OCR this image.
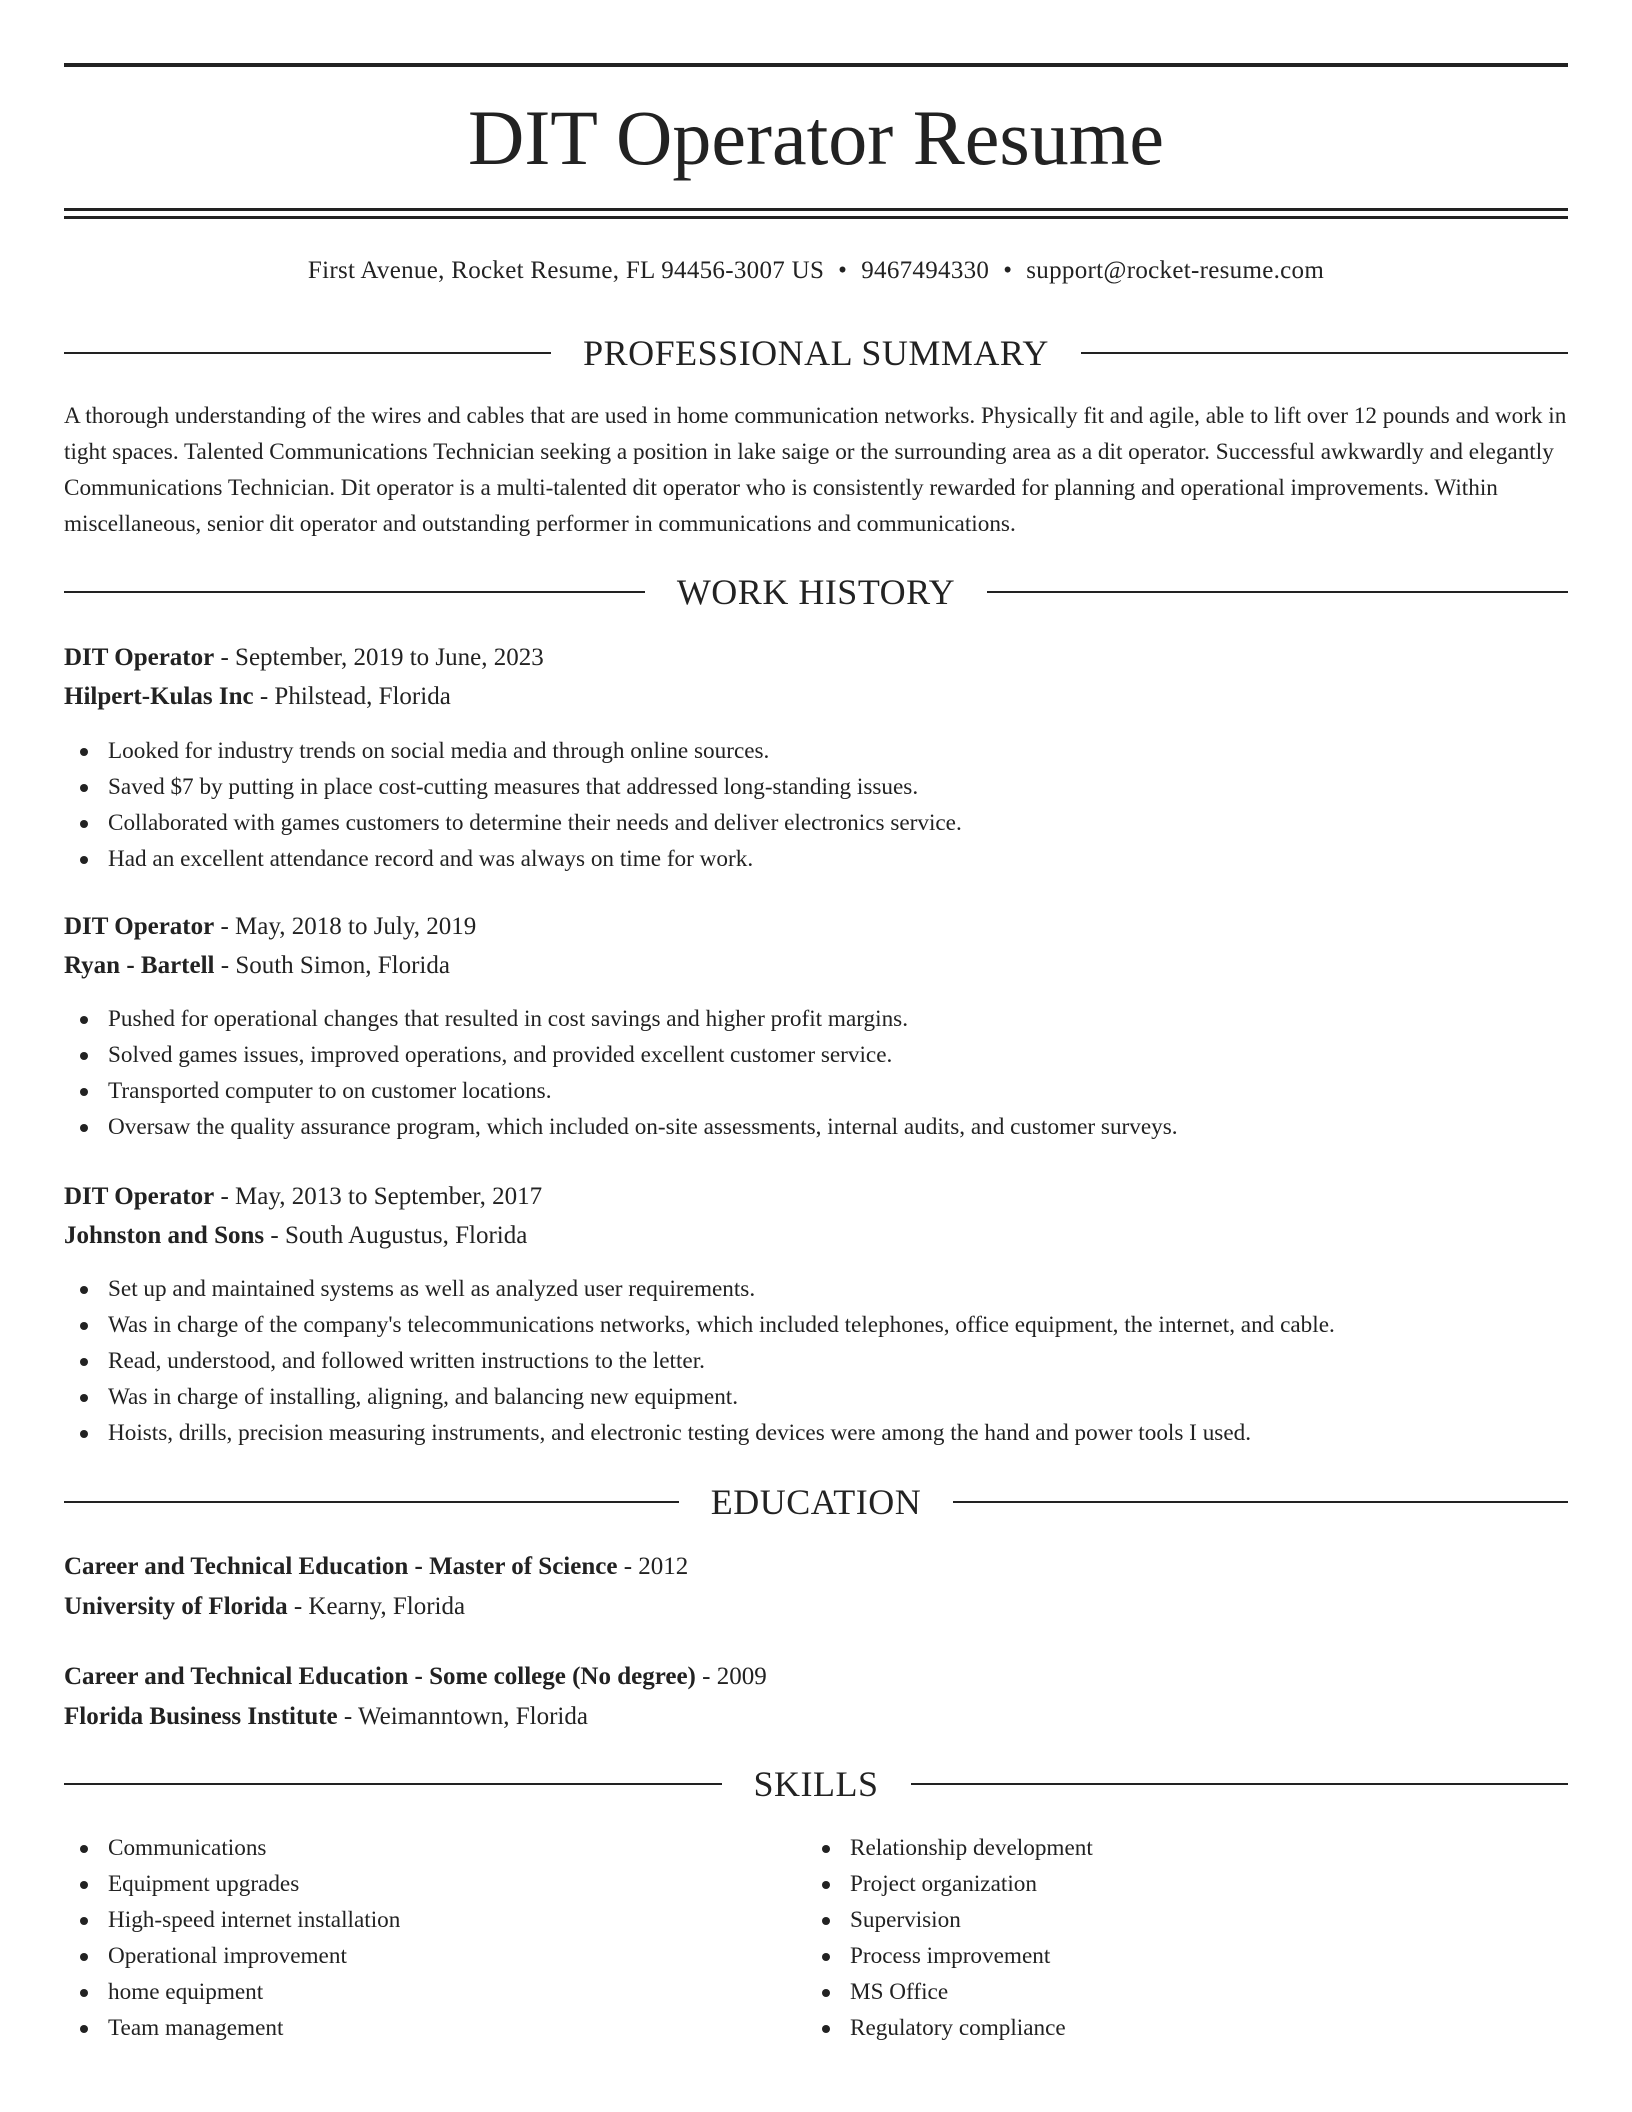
DIT Operator Resume
First Avenue, Rocket Resume, FL 94456-3007 US • 9467494330 • support@rocket-resume.com
PROFESSIONAL SUMMARY

A thorough understanding of the wires and cables that are used in home communication networks. Physically fit and agile, able to lift over 12 pounds and work in tight spaces. Talented Communications Technician seeking a position in lake saige or the surrounding area as a dit operator. Successful awkwardly and elegantly Communications Technician. Dit operator is a multi-talented dit operator who is consistently rewarded for planning and operational improvements. Within miscellaneous, senior dit operator and outstanding performer in communications and communications.

WORK HISTORY
DIT Operator - September, 2019 to June, 2023
Hilpert-Kulas Inc - Philstead, Florida
Looked for industry trends on social media and through online sources.
Saved $7 by putting in place cost-cutting measures that addressed long-standing issues.
Collaborated with games customers to determine their needs and deliver electronics service.
Had an excellent attendance record and was always on time for work.
DIT Operator - May, 2018 to July, 2019
Ryan - Bartell - South Simon, Florida
Pushed for operational changes that resulted in cost savings and higher profit margins.
Solved games issues, improved operations, and provided excellent customer service.
Transported computer to on customer locations.
Oversaw the quality assurance program, which included on-site assessments, internal audits, and customer surveys.
DIT Operator - May, 2013 to September, 2017
Johnston and Sons - South Augustus, Florida
Set up and maintained systems as well as analyzed user requirements.
Was in charge of the company's telecommunications networks, which included telephones, office equipment, the internet, and cable.
Read, understood, and followed written instructions to the letter.
Was in charge of installing, aligning, and balancing new equipment.
Hoists, drills, precision measuring instruments, and electronic testing devices were among the hand and power tools I used.
EDUCATION
Career and Technical Education - Master of Science - 2012
University of Florida - Kearny, Florida
Career and Technical Education - Some college (No degree) - 2009
Florida Business Institute - Weimanntown, Florida
SKILLS
Communications
Equipment upgrades
High-speed internet installation
Operational improvement
home equipment
Team management
Relationship development
Project organization
Supervision
Process improvement
MS Office
Regulatory compliance
